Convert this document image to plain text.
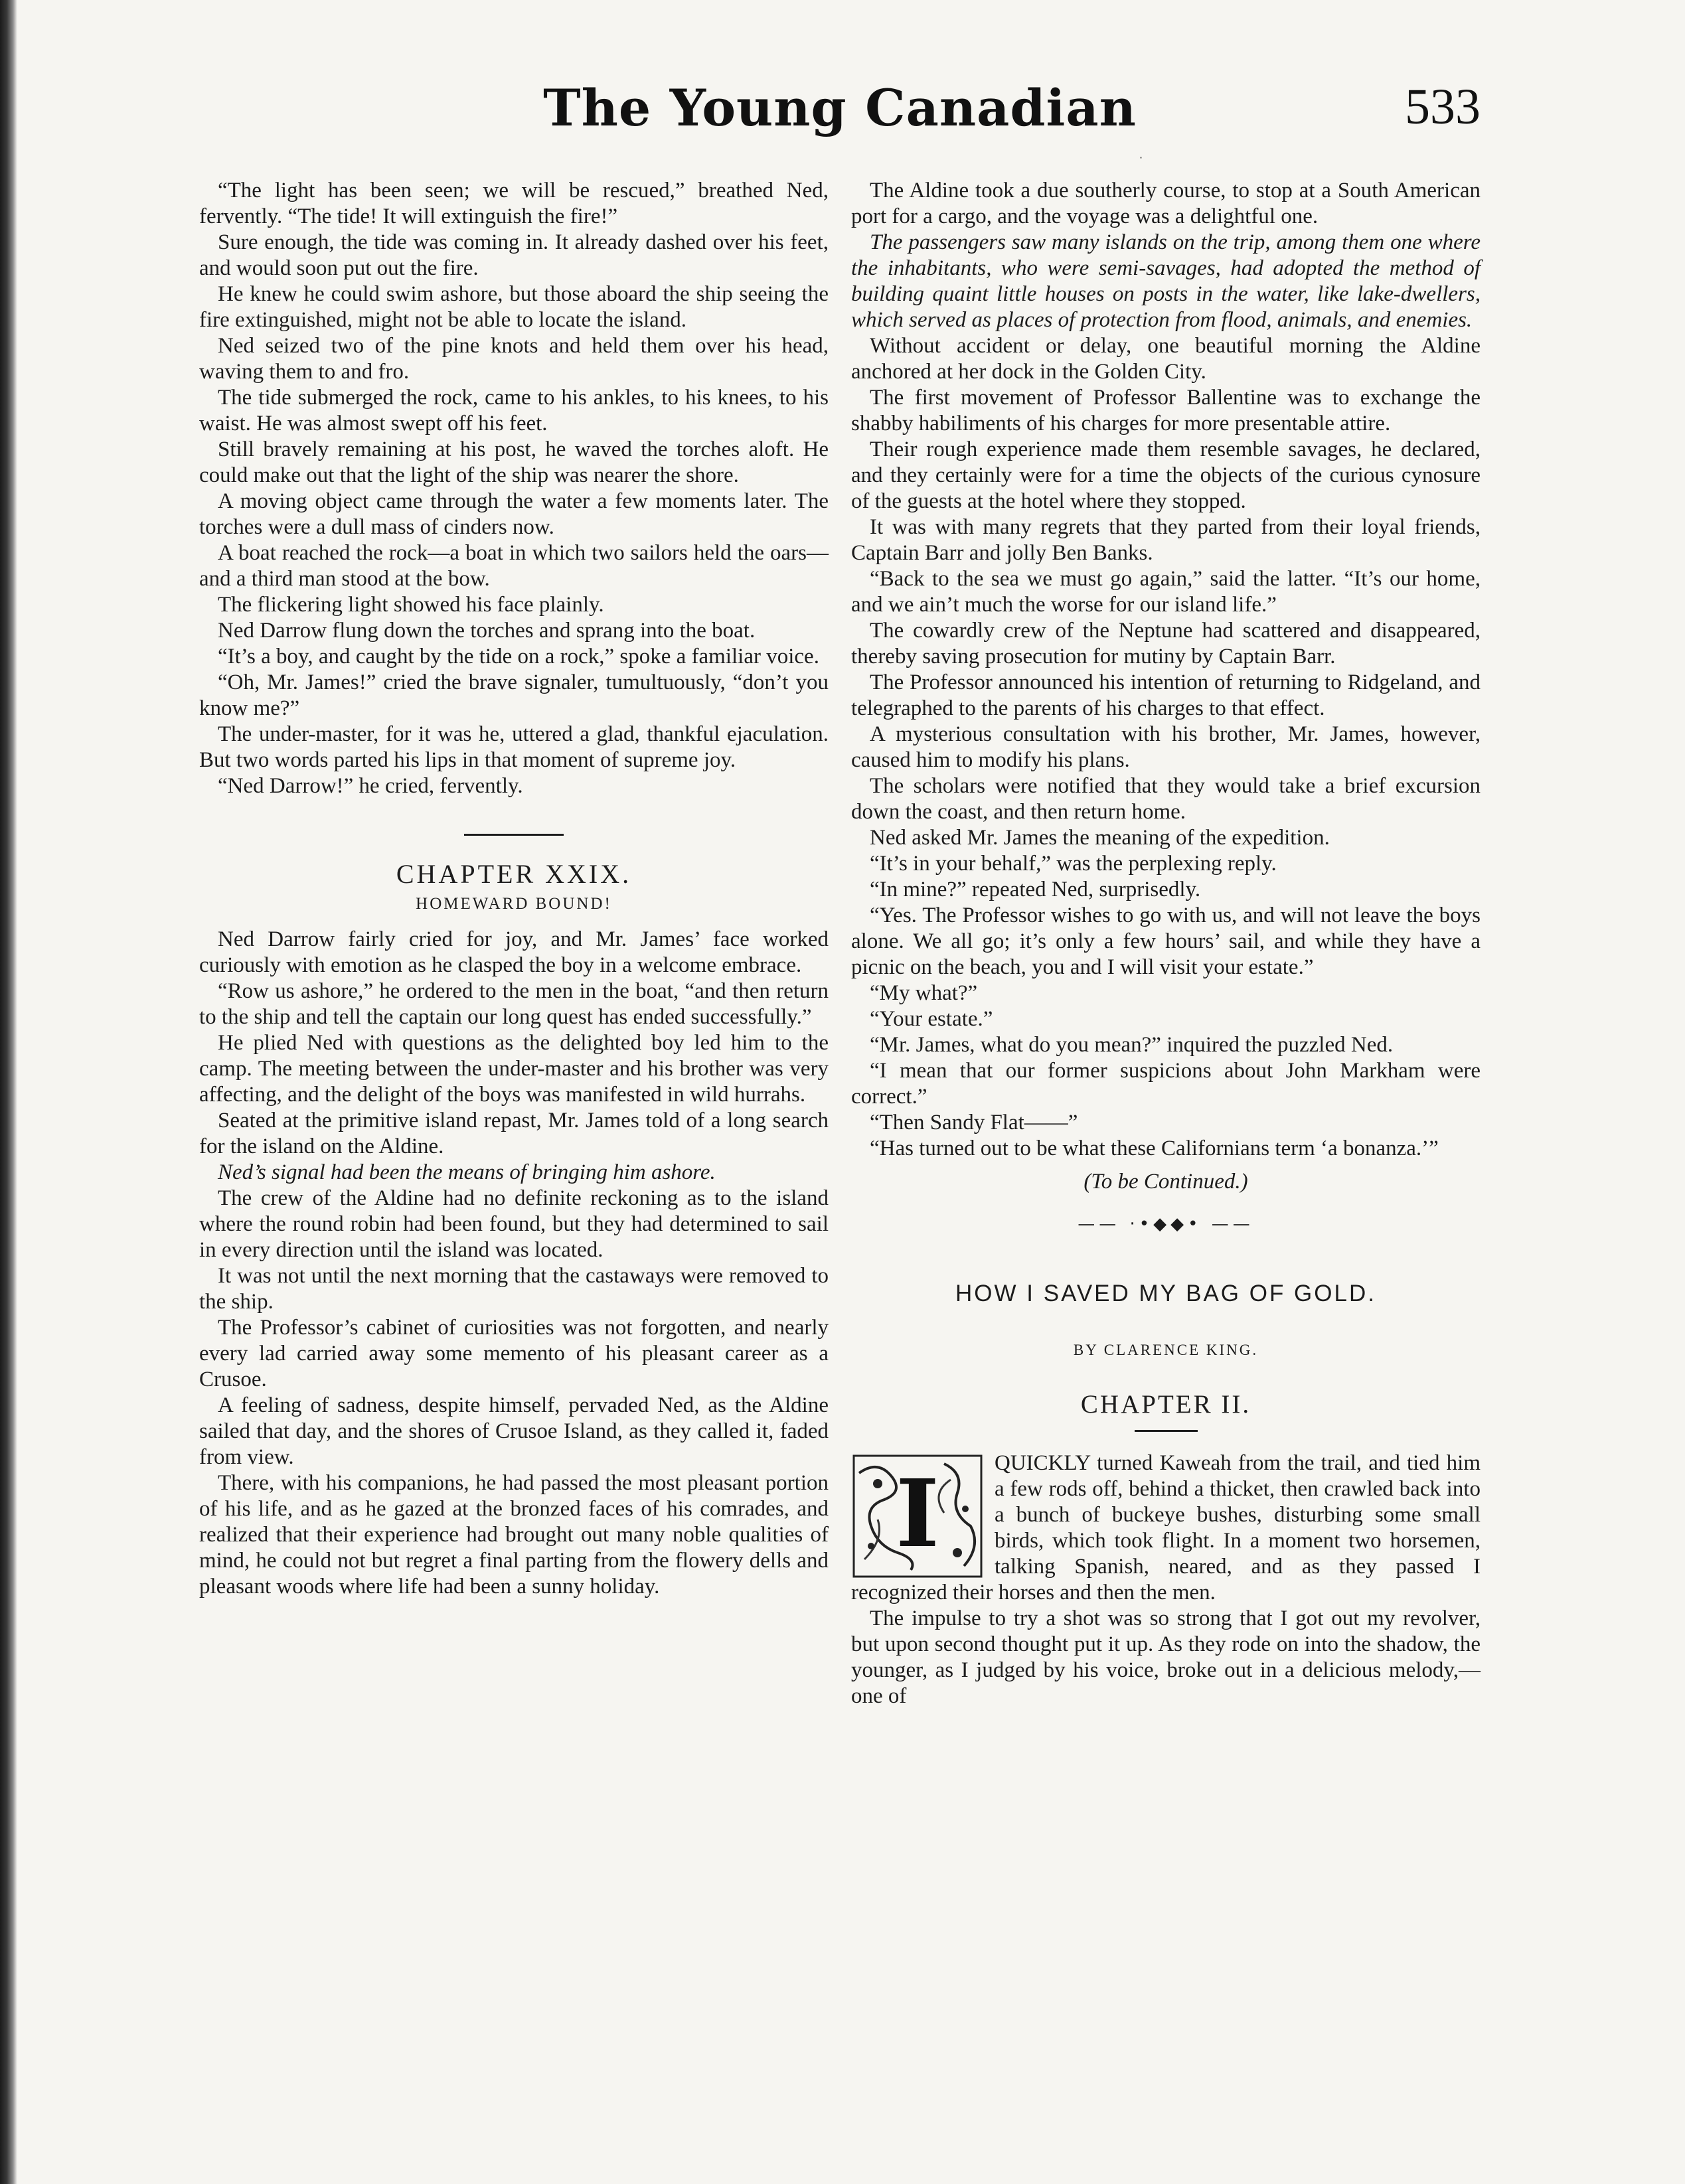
The Young Canadian	533
·

“The light has been seen; we will be rescued,” breathed Ned, fervently. “The tide! It will extinguish the fire!”

Sure enough, the tide was coming in. It already dashed over his feet, and would soon put out the fire.

He knew he could swim ashore, but those aboard the ship seeing the fire extinguished, might not be able to locate the island.

Ned seized two of the pine knots and held them over his head, waving them to and fro.

The tide submerged the rock, came to his ankles, to his knees, to his waist. He was almost swept off his feet.

Still bravely remaining at his post, he waved the torches aloft. He could make out that the light of the ship was nearer the shore.

A moving object came through the water a few moments later. The torches were a dull mass of cinders now.

A boat reached the rock—a boat in which two sailors held the oars—and a third man stood at the bow.

The flickering light showed his face plainly.

Ned Darrow flung down the torches and sprang into the boat.

“It’s a boy, and caught by the tide on a rock,” spoke a familiar voice.

“Oh, Mr. James!” cried the brave signaler, tumultuously, “don’t you know me?”

The under-master, for it was he, uttered a glad, thankful ejaculation. But two words parted his lips in that moment of supreme joy.

“Ned Darrow!” he cried, fervently.

CHAPTER XXIX.
HOMEWARD BOUND!

Ned Darrow fairly cried for joy, and Mr. James’ face worked curiously with emotion as he clasped the boy in a welcome embrace.

“Row us ashore,” he ordered to the men in the boat, “and then return to the ship and tell the captain our long quest has ended successfully.”

He plied Ned with questions as the delighted boy led him to the camp. The meeting between the under-master and his brother was very affecting, and the delight of the boys was manifested in wild hurrahs.

Seated at the primitive island repast, Mr. James told of a long search for the island on the Aldine.

Ned’s signal had been the means of bringing him ashore.

The crew of the Aldine had no definite reckoning as to the island where the round robin had been found, but they had determined to sail in every direction until the island was located.

It was not until the next morning that the castaways were removed to the ship.

The Professor’s cabinet of curiosities was not forgotten, and nearly every lad carried away some memento of his pleasant career as a Crusoe.

A feeling of sadness, despite himself, pervaded Ned, as the Aldine sailed that day, and the shores of Crusoe Island, as they called it, faded from view.

There, with his companions, he had passed the most pleasant portion of his life, and as he gazed at the bronzed faces of his comrades, and realized that their experience had brought out many noble qualities of mind, he could not but regret a final parting from the flowery dells and pleasant woods where life had been a sunny holiday.

The Aldine took a due southerly course, to stop at a South American port for a cargo, and the voyage was a delightful one.

The passengers saw many islands on the trip, among them one where the inhabitants, who were semi-savages, had adopted the method of building quaint little houses on posts in the water, like lake-dwellers, which served as places of protection from flood, animals, and enemies.

Without accident or delay, one beautiful morning the Aldine anchored at her dock in the Golden City.

The first movement of Professor Ballentine was to exchange the shabby habiliments of his charges for more presentable attire.

Their rough experience made them resemble savages, he declared, and they certainly were for a time the objects of the curious cynosure of the guests at the hotel where they stopped.

It was with many regrets that they parted from their loyal friends, Captain Barr and jolly Ben Banks.

“Back to the sea we must go again,” said the latter. “It’s our home, and we ain’t much the worse for our island life.”

The cowardly crew of the Neptune had scattered and disappeared, thereby saving prosecution for mutiny by Captain Barr.

The Professor announced his intention of returning to Ridgeland, and telegraphed to the parents of his charges to that effect.

A mysterious consultation with his brother, Mr. James, however, caused him to modify his plans.

The scholars were notified that they would take a brief excursion down the coast, and then return home.

Ned asked Mr. James the meaning of the expedition.

“It’s in your behalf,” was the perplexing reply.

“In mine?” repeated Ned, surprisedly.

“Yes. The Professor wishes to go with us, and will not leave the boys alone. We all go; it’s only a few hours’ sail, and while they have a picnic on the beach, you and I will visit your estate.”

“My what?”

“Your estate.”

“Mr. James, what do you mean?” inquired the puzzled Ned.

“I mean that our former suspicions about John Markham were correct.”

“Then Sandy Flat——”

“Has turned out to be what these Californians term ‘a bonanza.’”

(To be Continued.)
—— ·•◆◆• ——
HOW I SAVED MY BAG OF GOLD.
BY CLARENCE KING.
CHAPTER II.
I	QUICKLY turned Kaweah from the trail, and tied him a few rods off, behind a thicket, then crawled back into a bunch of buckeye bushes, disturbing some small birds, which took flight. In a moment two horsemen, talking Spanish, neared, and as they passed I recognized their horses and then the men.

The impulse to try a shot was so strong that I got out my revolver, but upon second thought put it up. As they rode on into the shadow, the younger, as I judged by his voice, broke out in a delicious melody,—one of
